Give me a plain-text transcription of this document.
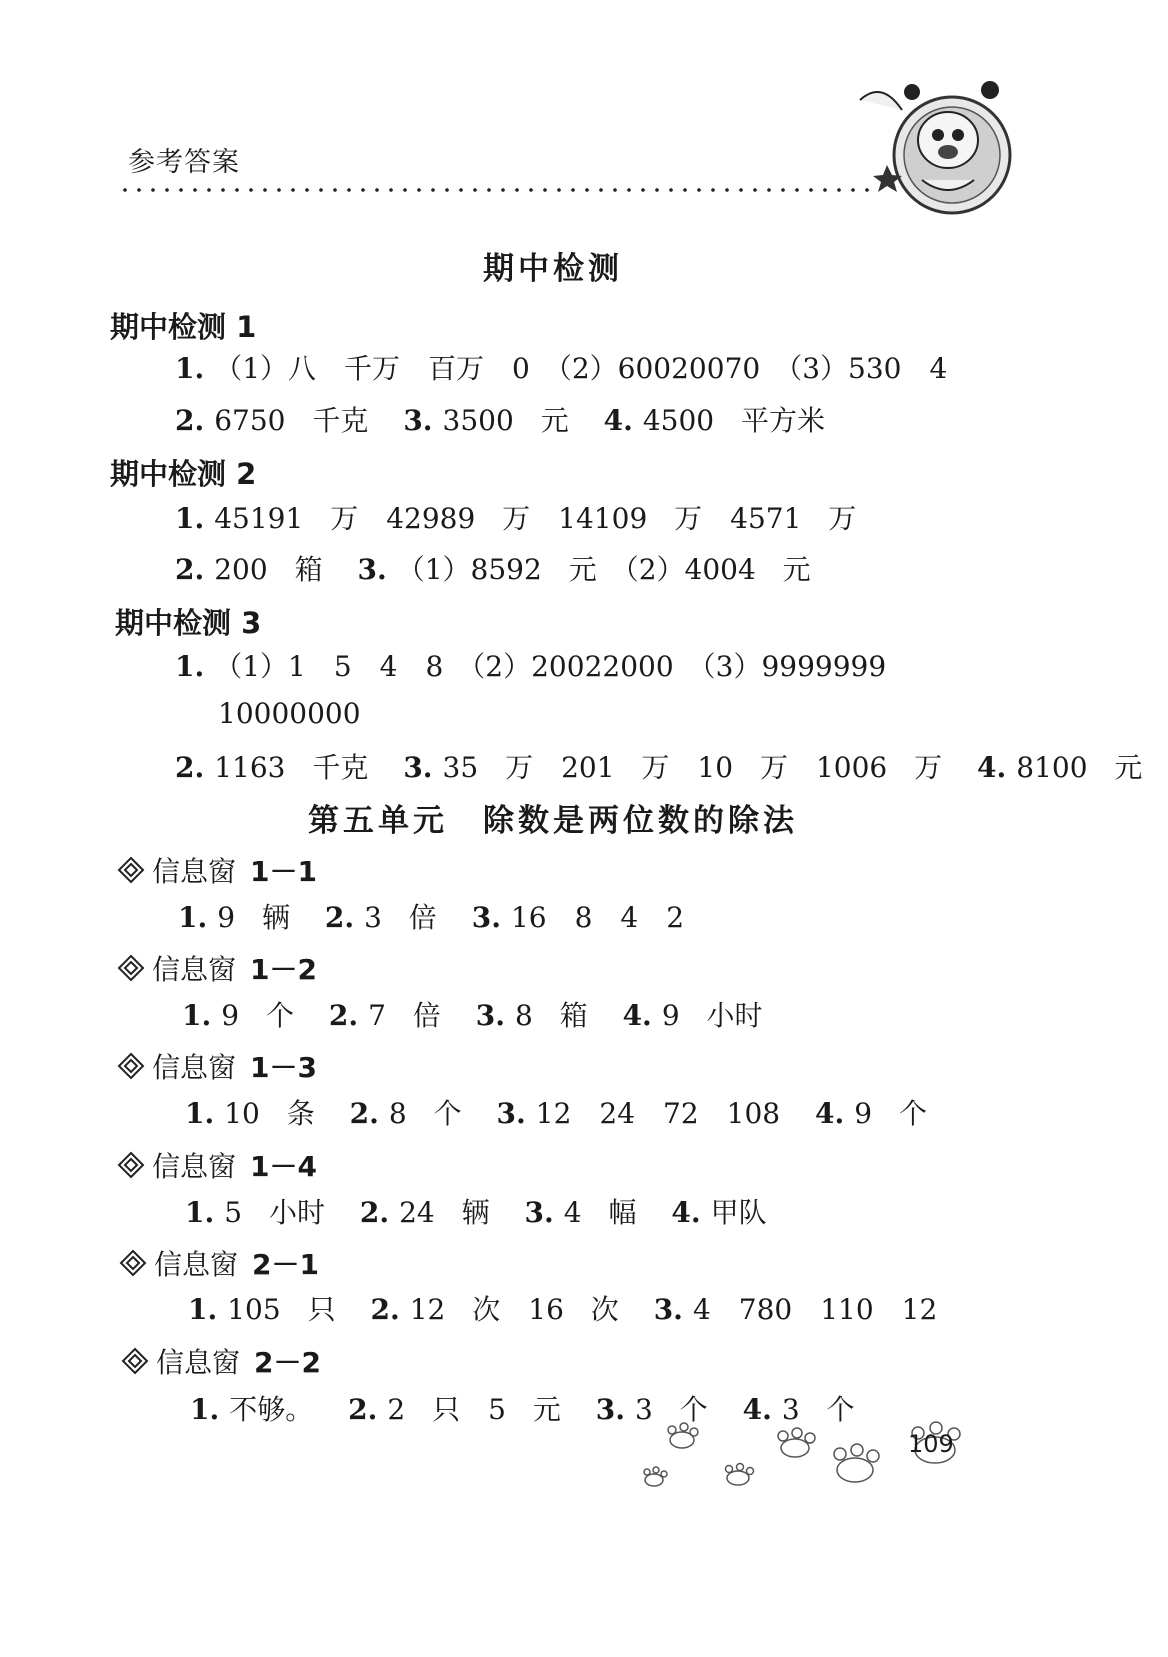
参考答案
期中检测
期中检测 1
1. （1）八　千万　百万　0　（2）60020070　（3）530　4
2. 6750 千克 3. 3500 元 4. 4500 平方米
期中检测 2
1. 45191 万　42989 万　14109 万　4571 万
2. 200 箱 3. （1）8592 元　（2）4004 元
期中检测 3
1. （1）1　5　4　8　（2）20022000　（3）9999999
10000000
2. 1163 千克 3. 35 万　201 万　10 万　1006 万 4. 8100 元
第五单元　除数是两位数的除法
信息窗 1－1
1. 9 辆 2. 3 倍 3. 16　8　4　2
信息窗 1－2
1. 9 个 2. 7 倍 3. 8 箱 4. 9 小时
信息窗 1－3
1. 10 条 2. 8 个 3. 12　24　72　108 4. 9 个
信息窗 1－4
1. 5 小时 2. 24 辆 3. 4 幅 4. 甲队
信息窗 2－1
1. 105 只 2. 12 次　16 次 3. 4　780　110　12
信息窗 2－2
1. 不够。 2. 2 只　5 元 3. 3 个 4. 3 个
109
